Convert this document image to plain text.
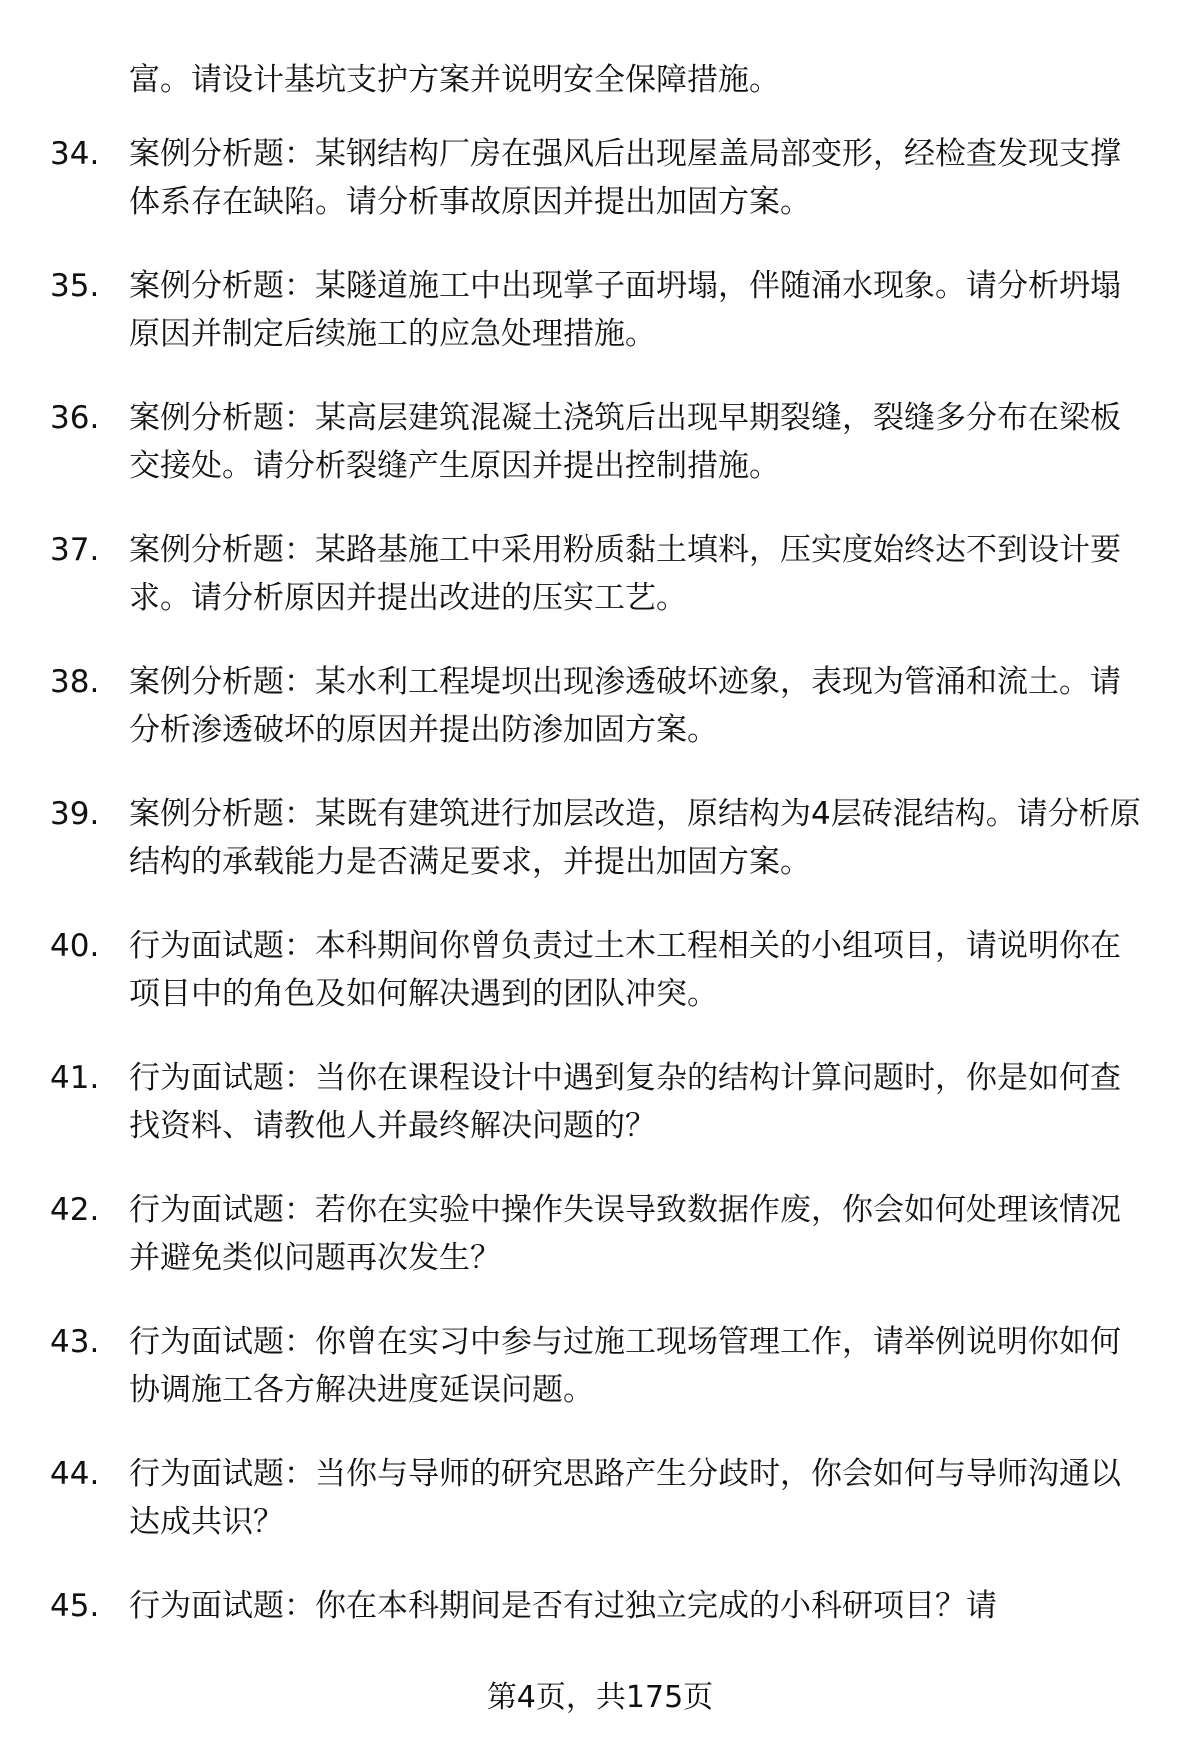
富。请设计基坑支护方案并说明安全保障措施。
34. 案例分析题：某钢结构厂房在强风后出现屋盖局部变形，经检查发现支撑体系存在缺陷。请分析事故原因并提出加固方案。
35. 案例分析题：某隧道施工中出现掌子面坍塌，伴随涌水现象。请分析坍塌原因并制定后续施工的应急处理措施。
36. 案例分析题：某高层建筑混凝土浇筑后出现早期裂缝，裂缝多分布在梁板交接处。请分析裂缝产生原因并提出控制措施。
37. 案例分析题：某路基施工中采用粉质黏土填料，压实度始终达不到设计要求。请分析原因并提出改进的压实工艺。
38. 案例分析题：某水利工程堤坝出现渗透破坏迹象，表现为管涌和流土。请分析渗透破坏的原因并提出防渗加固方案。
39. 案例分析题：某既有建筑进行加层改造，原结构为4层砖混结构。请分析原结构的承载能力是否满足要求，并提出加固方案。
40. 行为面试题：本科期间你曾负责过土木工程相关的小组项目，请说明你在项目中的角色及如何解决遇到的团队冲突。
41. 行为面试题：当你在课程设计中遇到复杂的结构计算问题时，你是如何查找资料、请教他人并最终解决问题的？
42. 行为面试题：若你在实验中操作失误导致数据作废，你会如何处理该情况并避免类似问题再次发生？
43. 行为面试题：你曾在实习中参与过施工现场管理工作，请举例说明你如何协调施工各方解决进度延误问题。
44. 行为面试题：当你与导师的研究思路产生分歧时，你会如何与导师沟通以达成共识？
45. 行为面试题：你在本科期间是否有过独立完成的小科研项目？请
第4页，共175页
